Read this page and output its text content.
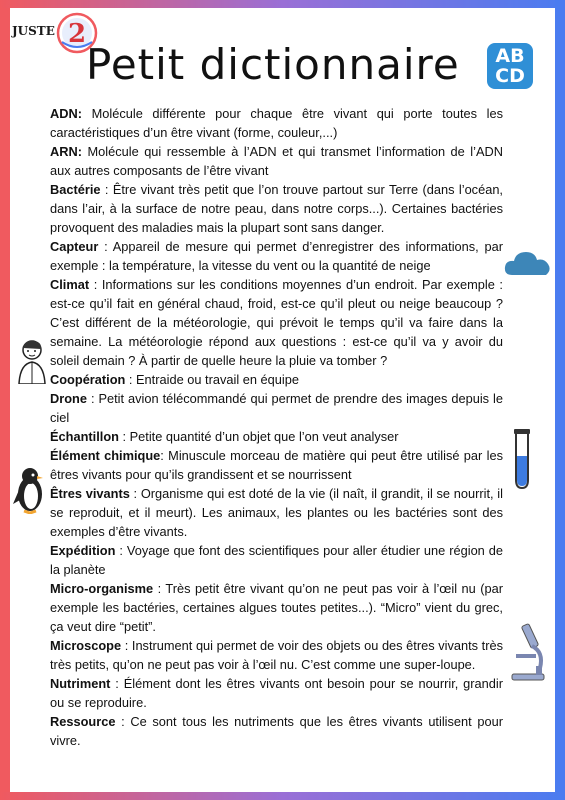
JUSTE 2
Petit dictionnaire	AB
CD

ADN: Molécule différente pour chaque être vivant qui porte toutes les caractéristiques d’un être vivant (forme, couleur,...)

ARN: Molécule qui ressemble à l’ADN et qui transmet l’information de l’ADN aux autres composants de l’être vivant

Bactérie : Être vivant très petit que l’on trouve partout sur Terre (dans l’océan, dans l’air, à la surface de notre peau, dans notre corps...). Certaines bactéries provoquent des maladies mais la plupart sont sans danger.

Capteur : Appareil de mesure qui permet d’enregistrer des informations, par exemple : la température, la vitesse du vent ou la quantité de neige

Climat : Informations sur les conditions moyennes d’un endroit. Par exemple : est-ce qu’il fait en général chaud, froid, est-ce qu’il pleut ou neige beaucoup ? C’est différent de la météorologie, qui prévoit le temps qu’il va faire dans la semaine. La météorologie répond aux questions : est-ce qu’il va y avoir du soleil demain ? À partir de quelle heure la pluie va tomber ?

Coopération : Entraide ou travail en équipe

Drone : Petit avion télécommandé qui permet de prendre des images depuis le ciel

Échantillon : Petite quantité d’un objet que l’on veut analyser

Élément chimique: Minuscule morceau de matière qui peut être utilisé par les êtres vivants pour qu’ils grandissent et se nourrissent

Êtres vivants : Organisme qui est doté de la vie (il naît, il grandit, il se nourrit, il se reproduit, et il meurt). Les animaux, les plantes ou les bactéries sont des exemples d’être vivants.

Expédition : Voyage que font des scientifiques pour aller étudier une région de la planète

Micro-organisme : Très petit être vivant qu’on ne peut pas voir à l’œil nu (par exemple les bactéries, certaines algues toutes petites...). “Micro” vient du grec, ça veut dire “petit”.

Microscope : Instrument qui permet de voir des objets ou des êtres vivants très très petits, qu’on ne peut pas voir à l’œil nu. C’est comme une super-loupe.

Nutriment : Élément dont les êtres vivants ont besoin pour se nourrir, grandir ou se reproduire.

Ressource : Ce sont tous les nutriments que les êtres vivants utilisent pour vivre.
